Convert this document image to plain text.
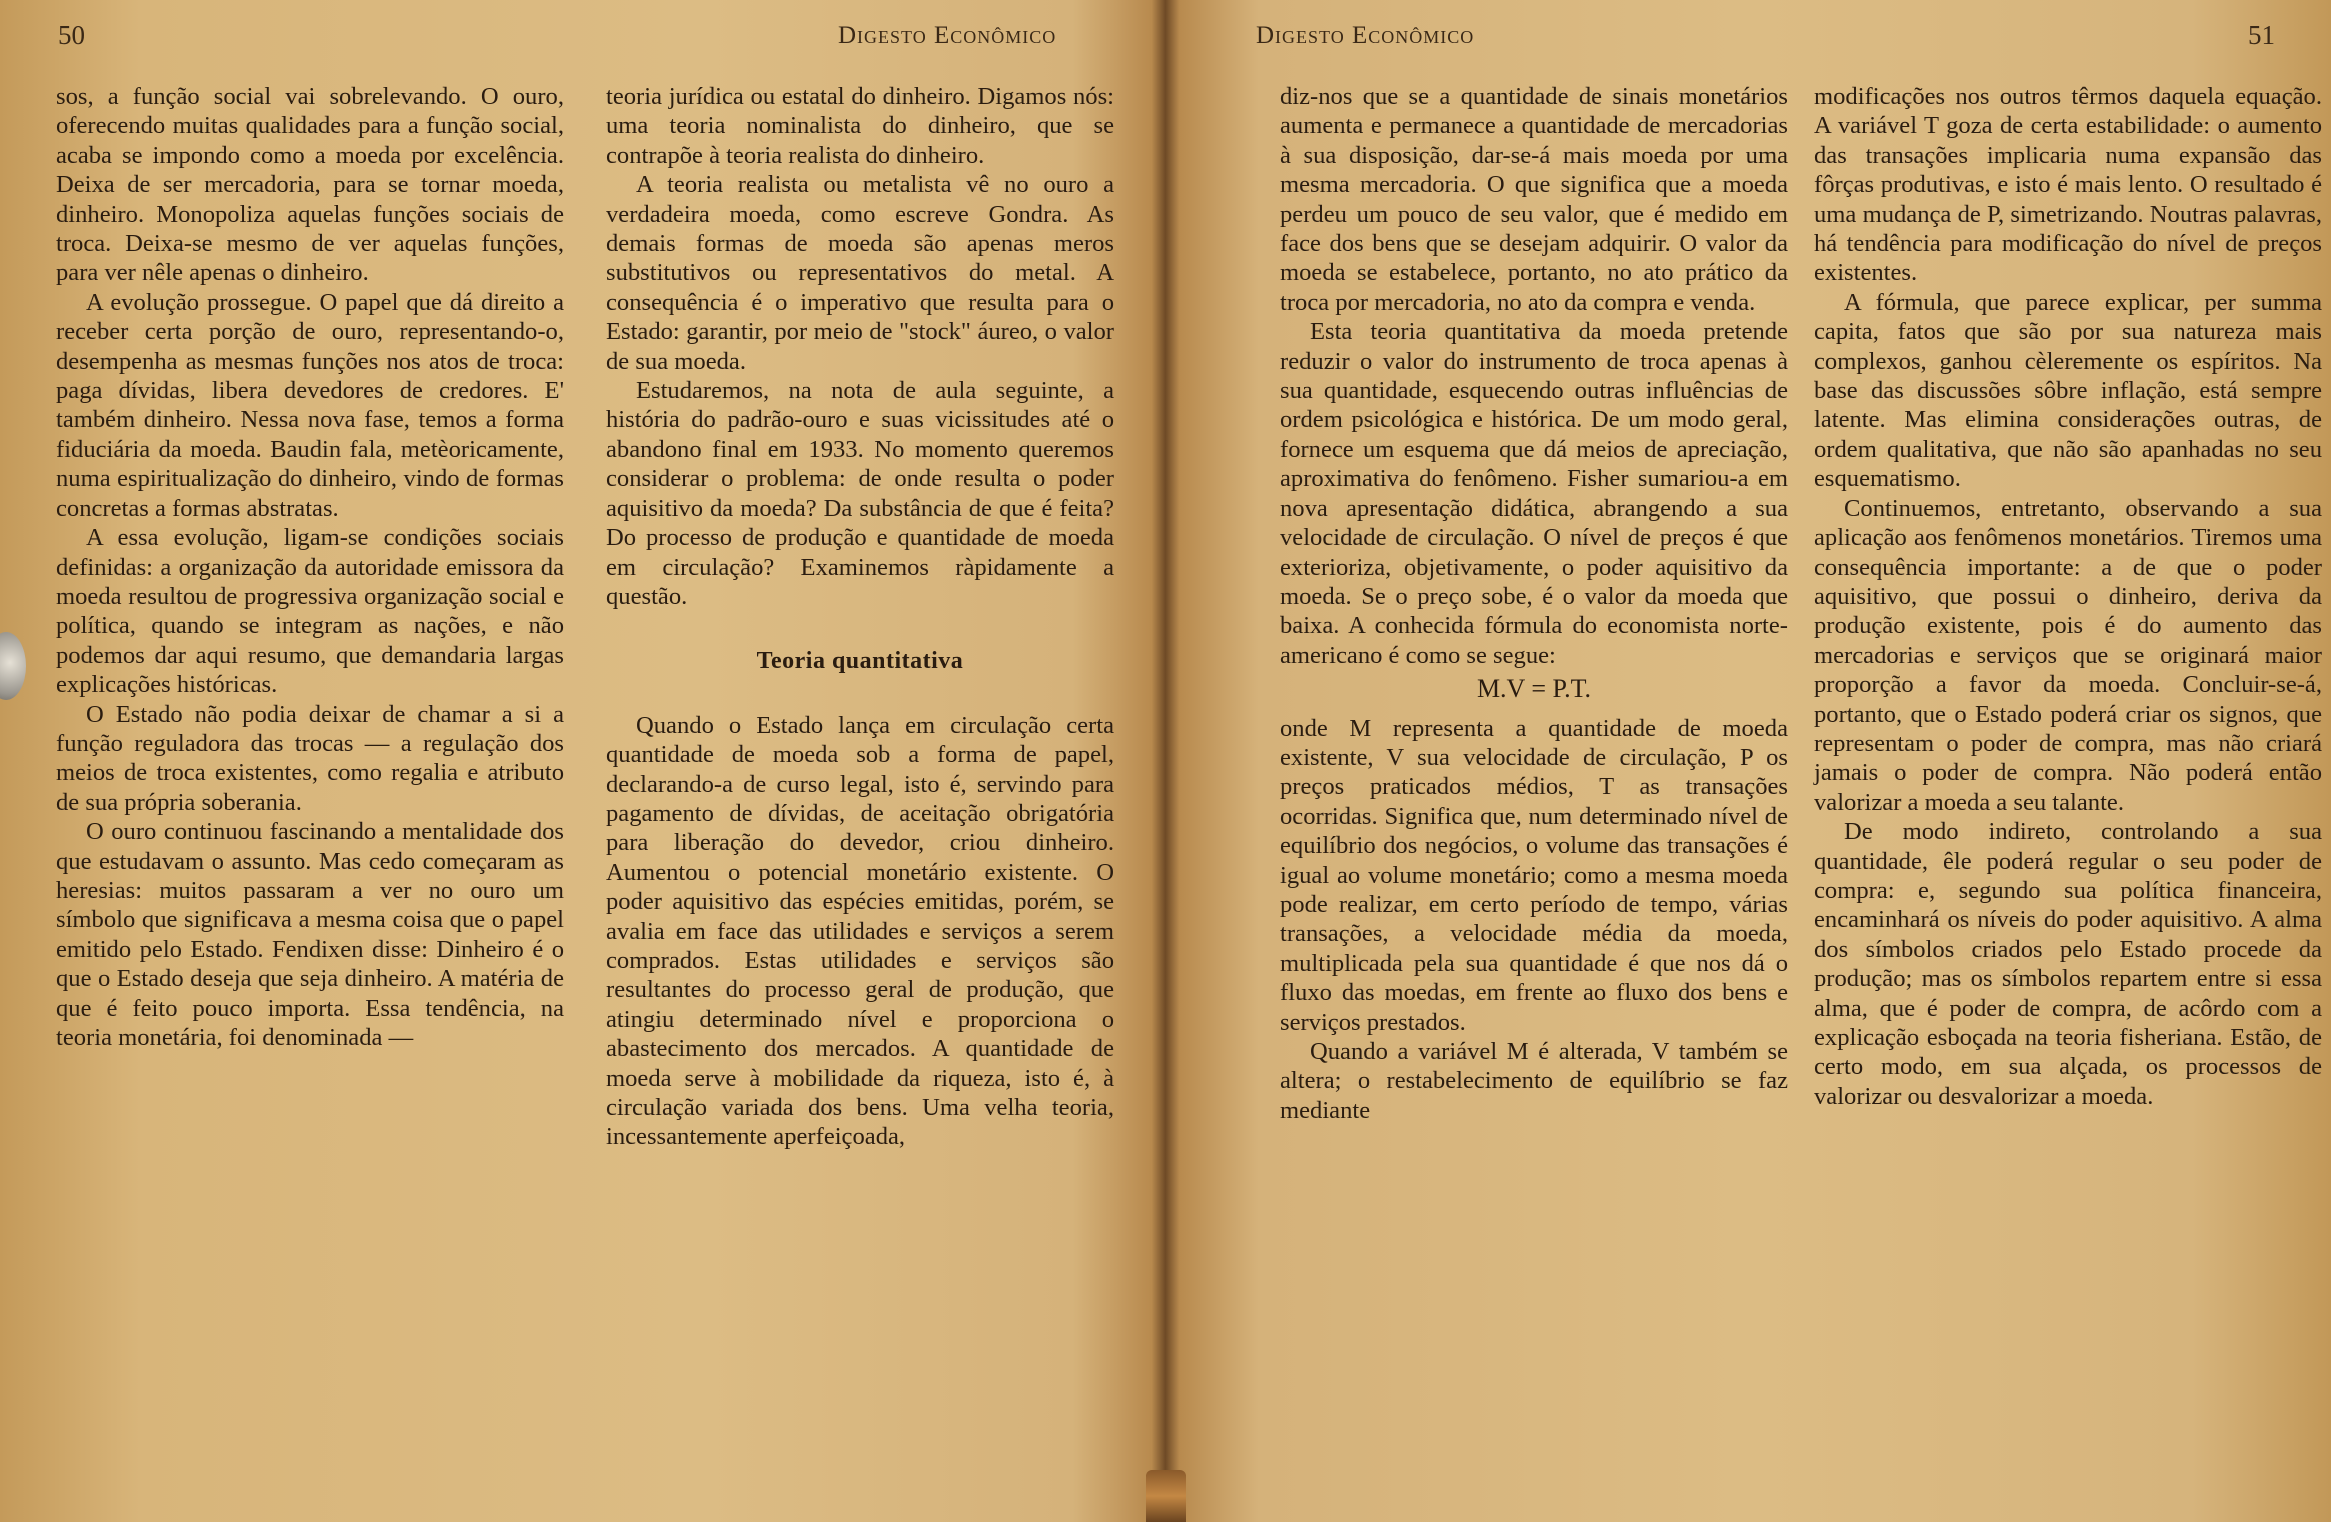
50	Digesto Econômico

sos, a função social vai sobrelevando. O ouro, oferecendo muitas qualidades para a função social, acaba se impondo como a moeda por excelência. Deixa de ser mercadoria, para se tornar moeda, dinheiro. Monopoliza aquelas funções sociais de troca. Deixa-se mesmo de ver aquelas funções, para ver nêle apenas o dinheiro.

A evolução prossegue. O papel que dá direito a receber certa porção de ouro, representando-o, desempenha as mesmas funções nos atos de troca: paga dívidas, libera devedores de credores. E' também dinheiro. Nessa nova fase, temos a forma fiduciária da moeda. Baudin fala, metèoricamente, numa espiritualização do dinheiro, vindo de formas concretas a formas abstratas.

A essa evolução, ligam-se condições sociais definidas: a organização da autoridade emissora da moeda resultou de progressiva organização social e política, quando se integram as nações, e não podemos dar aqui resumo, que demandaria largas explicações históricas.

O Estado não podia deixar de chamar a si a função reguladora das trocas — a regulação dos meios de troca existentes, como regalia e atributo de sua própria soberania.

O ouro continuou fascinando a mentalidade dos que estudavam o assunto. Mas cedo começaram as heresias: muitos passaram a ver no ouro um símbolo que significava a mesma coisa que o papel emitido pelo Estado. Fendixen disse: Dinheiro é o que o Estado deseja que seja dinheiro. A matéria de que é feito pouco importa. Essa tendência, na teoria monetária, foi denominada —

teoria jurídica ou estatal do dinheiro. Digamos nós: uma teoria nominalista do dinheiro, que se contrapõe à teoria realista do dinheiro.

A teoria realista ou metalista vê no ouro a verdadeira moeda, como escreve Gondra. As demais formas de moeda são apenas meros substitutivos ou representativos do metal. A consequência é o imperativo que resulta para o Estado: garantir, por meio de "stock" áureo, o valor de sua moeda.

Estudaremos, na nota de aula seguinte, a história do padrão-ouro e suas vicissitudes até o abandono final em 1933. No momento queremos considerar o problema: de onde resulta o poder aquisitivo da moeda? Da substância de que é feita? Do processo de produção e quantidade de moeda em circulação? Examinemos ràpidamente a questão.

Teoria quantitativa

Quando o Estado lança em circulação certa quantidade de moeda sob a forma de papel, declarando-a de curso legal, isto é, servindo para pagamento de dívidas, de aceitação obrigatória para liberação do devedor, criou dinheiro. Aumentou o potencial monetário existente. O poder aquisitivo das espécies emitidas, porém, se avalia em face das utilidades e serviços a serem comprados. Estas utilidades e serviços são resultantes do processo geral de produção, que atingiu determinado nível e proporciona o abastecimento dos mercados. A quantidade de moeda serve à mobilidade da riqueza, isto é, à circulação variada dos bens. Uma velha teoria, incessantemente aperfeiçoada,

Digesto Econômico	51

diz-nos que se a quantidade de sinais monetários aumenta e permanece a quantidade de mercadorias à sua disposição, dar-se-á mais moeda por uma mesma mercadoria. O que significa que a moeda perdeu um pouco de seu valor, que é medido em face dos bens que se desejam adquirir. O valor da moeda se estabelece, portanto, no ato prático da troca por mercadoria, no ato da compra e venda.

Esta teoria quantitativa da moeda pretende reduzir o valor do instrumento de troca apenas à sua quantidade, esquecendo outras influências de ordem psicológica e histórica. De um modo geral, fornece um esquema que dá meios de apreciação, aproximativa do fenômeno. Fisher sumariou-a em nova apresentação didática, abrangendo a sua velocidade de circulação. O nível de preços é que exterioriza, objetivamente, o poder aquisitivo da moeda. Se o preço sobe, é o valor da moeda que baixa. A conhecida fórmula do economista norte-americano é como se segue:

M.V = P.T.

onde M representa a quantidade de moeda existente, V sua velocidade de circulação, P os preços praticados médios, T as transações ocorridas. Significa que, num determinado nível de equilíbrio dos negócios, o volume das transações é igual ao volume monetário; como a mesma moeda pode realizar, em certo período de tempo, várias transações, a velocidade média da moeda, multiplicada pela sua quantidade é que nos dá o fluxo das moedas, em frente ao fluxo dos bens e serviços prestados.

Quando a variável M é alterada, V também se altera; o restabelecimento de equilíbrio se faz mediante

modificações nos outros têrmos daquela equação. A variável T goza de certa estabilidade: o aumento das transações implicaria numa expansão das fôrças produtivas, e isto é mais lento. O resultado é uma mudança de P, simetrizando. Noutras palavras, há tendência para modificação do nível de preços existentes.

A fórmula, que parece explicar, per summa capita, fatos que são por sua natureza mais complexos, ganhou cèleremente os espíritos. Na base das discussões sôbre inflação, está sempre latente. Mas elimina considerações outras, de ordem qualitativa, que não são apanhadas no seu esquematismo.

Continuemos, entretanto, observando a sua aplicação aos fenômenos monetários. Tiremos uma consequência importante: a de que o poder aquisitivo, que possui o dinheiro, deriva da produção existente, pois é do aumento das mercadorias e serviços que se originará maior proporção a favor da moeda. Concluir-se-á, portanto, que o Estado poderá criar os signos, que representam o poder de compra, mas não criará jamais o poder de compra. Não poderá então valorizar a moeda a seu talante.

De modo indireto, controlando a sua quantidade, êle poderá regular o seu poder de compra: e, segundo sua política financeira, encaminhará os níveis do poder aquisitivo. A alma dos símbolos criados pelo Estado procede da produção; mas os símbolos repartem entre si essa alma, que é poder de compra, de acôrdo com a explicação esboçada na teoria fisheriana. Estão, de certo modo, em sua alçada, os processos de valorizar ou desvalorizar a moeda.
